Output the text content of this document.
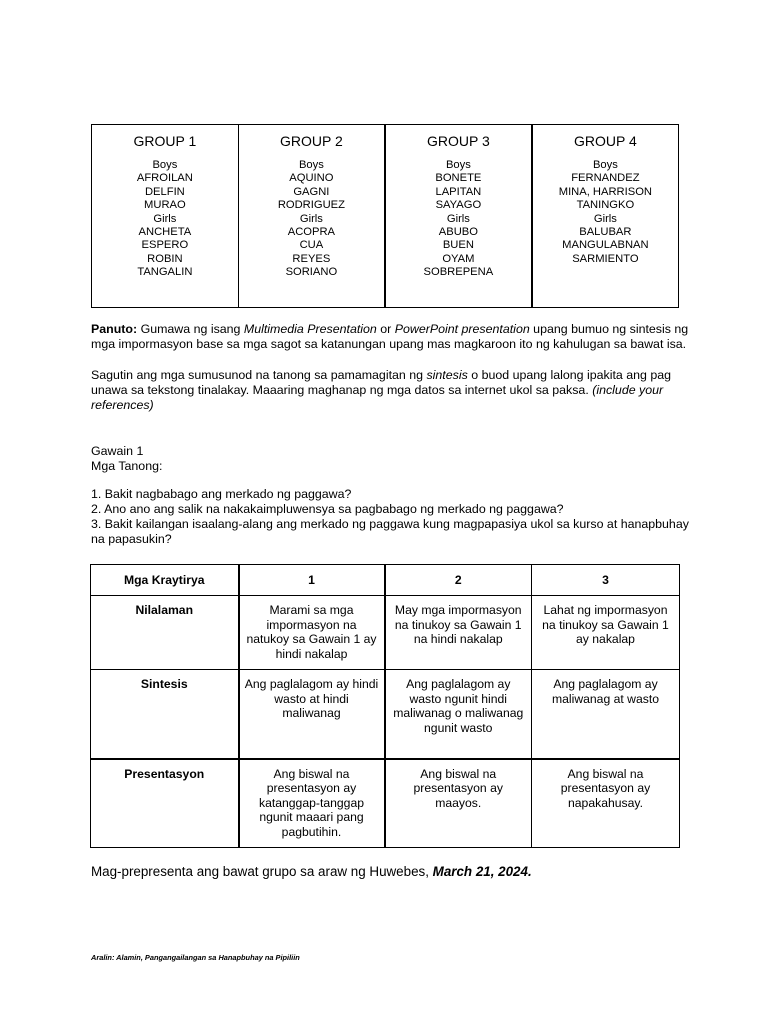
GROUP 1
Boys
AFROILAN
DELFIN
MURAO
Girls
ANCHETA
ESPERO
ROBIN
TANGALIN

GROUP 2
Boys
AQUINO
GAGNI
RODRIGUEZ
Girls
ACOPRA
CUA
REYES
SORIANO

GROUP 3
Boys
BONETE
LAPITAN
SAYAGO
Girls
ABUBO
BUEN
OYAM
SOBREPENA

GROUP 4
Boys
FERNANDEZ
MINA, HARRISON
TANINGKO
Girls
BALUBAR
MANGULABNAN
SARMIENTO
Panuto: Gumawa ng isang Multimedia Presentation or PowerPoint presentation upang bumuo ng sintesis ng mga impormasyon base sa mga sagot sa katanungan upang mas magkaroon ito ng kahulugan sa bawat isa.
Sagutin ang mga sumusunod na tanong sa pamamagitan ng sintesis o buod upang lalong ipakita ang pag unawa sa tekstong tinalakay. Maaaring maghanap ng mga datos sa internet ukol sa paksa. (include your references)
Gawain 1
Mga Tanong:
1. Bakit nagbabago ang merkado ng paggawa?
2. Ano ano ang salik na nakakaimpluwensya sa pagbabago ng merkado ng paggawa?
3. Bakit kailangan isaalang-alang ang merkado ng paggawa kung magpapasiya ukol sa kurso at hanapbuhay na papasukin?
Mga Kraytirya	1	2	3
Nilalaman	Marami sa mga impormasyon na natukoy sa Gawain 1 ay hindi nakalap	May mga impormasyon na tinukoy sa Gawain 1 na hindi nakalap	Lahat ng impormasyon na tinukoy sa Gawain 1 ay nakalap
Sintesis	Ang paglalagom ay hindi wasto at hindi maliwanag	Ang paglalagom ay wasto ngunit hindi maliwanag o maliwanag ngunit wasto	Ang paglalagom ay maliwanag at wasto
Presentasyon	Ang biswal na presentasyon ay katanggap-tanggap ngunit maaari pang pagbutihin.	Ang biswal na presentasyon ay maayos.	Ang biswal na presentasyon ay napakahusay.
Mag-prepresenta ang bawat grupo sa araw ng Huwebes, March 21, 2024.
Aralin: Alamin, Pangangailangan sa Hanapbuhay na Pipiliin
